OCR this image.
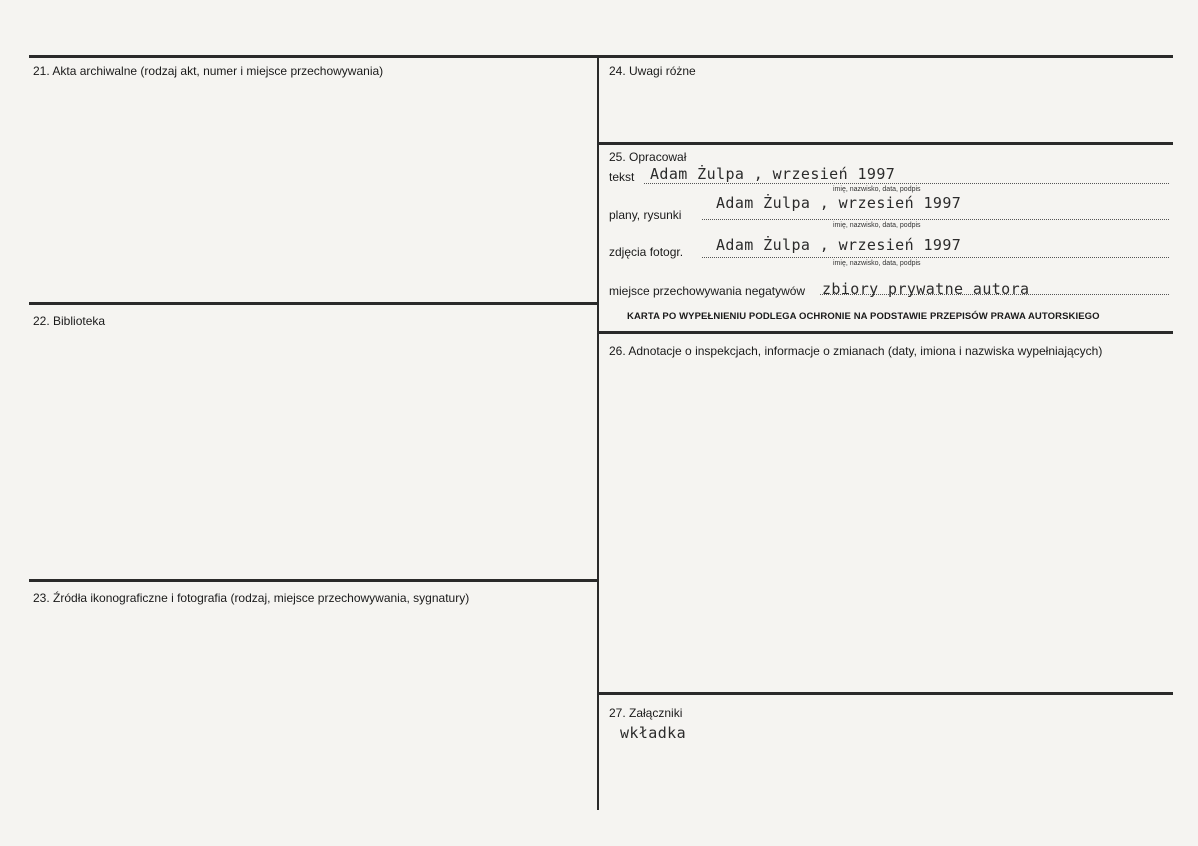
21. Akta archiwalne (rodzaj akt, numer i miejsce przechowywania)
22. Biblioteka
23. Źródła ikonograficzne i fotografia (rodzaj, miejsce przechowywania, sygnatury)
24. Uwagi różne
25. Opracował
tekst Adam Żulpa , wrzesień 1997
imię, nazwisko, data, podpis
plany, rysunki
Adam Żulpa , wrzesień 1997
imię, nazwisko, data, podpis
zdjęcia fotogr. Adam Żulpa , wrzesień 1997
imię, nazwisko, data, podpis
miejsce przechowywania negatywów zbiory prywatne autora
KARTA PO WYPEŁNIENIU PODLEGA OCHRONIE NA PODSTAWIE PRZEPISÓW PRAWA AUTORSKIEGO
26. Adnotacje o inspekcjach, informacje o zmianach (daty, imiona i nazwiska wypełniających)
27. Załączniki
wkładka
